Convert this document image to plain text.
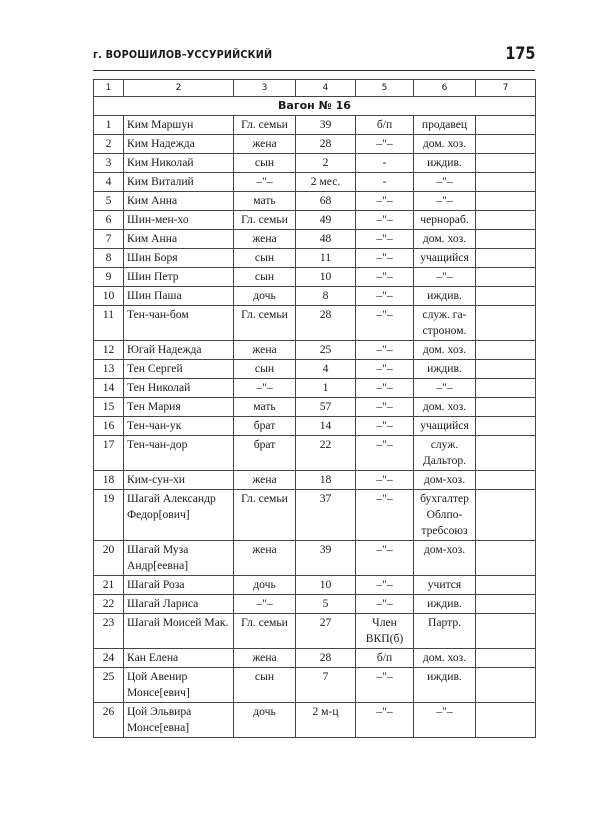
г. ВОРОШИЛОВ–УССУРИЙСКИЙ	175
1	2	3	4	5	6	7
Вагон № 16						
1	Ким Маршун	Гл. семьи	39	б/п	продавец	
2	Ким Надежда	жена	28	–"–	дом. хоз.	
3	Ким Николай	сын	2	-	иждив.	
4	Ким Виталий	–"–	2 мес.	-	–"–	
5	Ким Анна	мать	68	–"–	–"–	
6	Шин-мен-хо	Гл. семьи	49	–"–	чернораб.	
7	Ким Анна	жена	48	–"–	дом. хоз.	
8	Шин Боря	сын	11	–"–	учащийся	
9	Шин Петр	сын	10	–"–	–"–	
10	Шин Паша	дочь	8	–"–	иждив.	
11	Тен-чан-бом	Гл. семьи	28	–"–	служ. га-
строном.	
12	Югай Надежда	жена	25	–"–	дом. хоз.	
13	Тен Сергей	сын	4	–"–	иждив.	
14	Тен Николай	–"–	1	–"–	–"–	
15	Тен Мария	мать	57	–"–	дом. хоз.	
16	Тен-чан-ук	брат	14	–"–	учащийся	
17	Тен-чан-дор	брат	22	–"–	служ.
Дальтор.	
18	Ким-сун-хи	жена	18	–"–	дом-хоз.	
19	Шагай Александр
Федор[ович]	Гл. семьи	37	–"–	бухгалтер
Облпо-
требсоюз	
20	Шагай Муза
Андр[еевна]	жена	39	–"–	дом-хоз.	
21	Шагай Роза	дочь	10	–"–	учится	
22	Шагай Лариса	–"–	5	–"–	иждив.	
23	Шагай Моисей Мак.	Гл. семьи	27	Член
ВКП(б)	Партр.	
24	Кан Елена	жена	28	б/п	дом. хоз.	
25	Цой Авенир
Монсе[евич]	сын	7	–"–	иждив.	
26	Цой Эльвира
Монсе[евна]	дочь	2 м-ц	–"–	–"–	
